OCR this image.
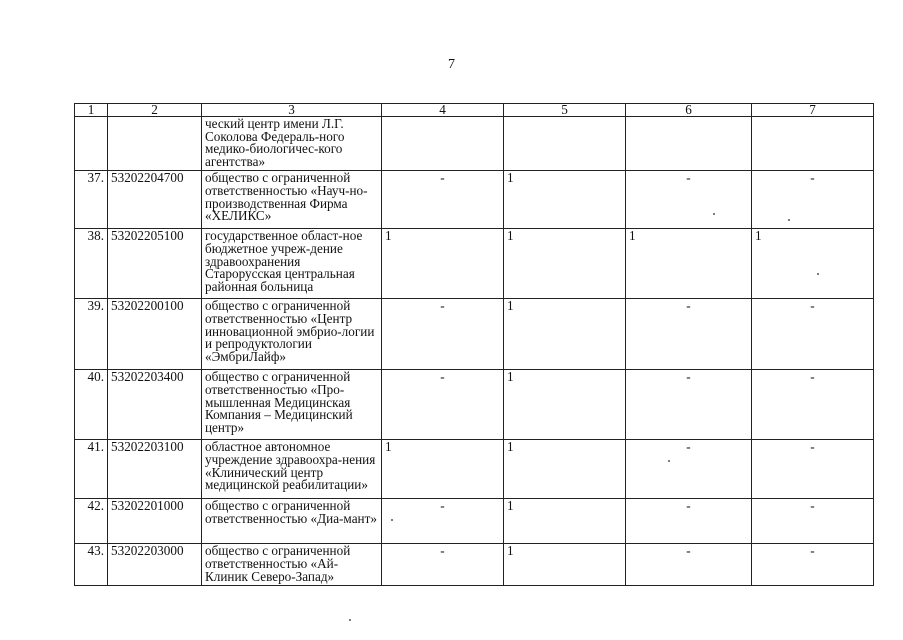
7
1	2	3	4	5	6	7
		ческий центр имени Л.Г. Соколова Федераль-ного медико-биологичес-кого агентства»				
37.	53202204700	общество с ограниченной ответственностью «Науч-но-производственная Фирма «ХЕЛИКС»	-	1	-	-
38.	53202205100	государственное област-ное бюджетное учреж-дение здравоохранения Старорусская центральная районная больница	1	1	1	1
39.	53202200100	общество с ограниченной ответственностью «Центр инновационной эмбрио-логии и репродуктологии «ЭмбриЛайф»	-	1	-	-
40.	53202203400	общество с ограниченной ответственностью «Про-мышленная Медицинская Компания – Медицинский центр»	-	1	-	-
41.	53202203100	областное автономное учреждение здравоохра-нения «Клинический центр медицинской реабилитации»	1	1	-	-
42.	53202201000	общество с ограниченной ответственностью «Диа-мант»	-	1	-	-
43.	53202203000	общество с ограниченной ответственностью «Ай-Клиник Северо-Запад»	-	1	-	-
